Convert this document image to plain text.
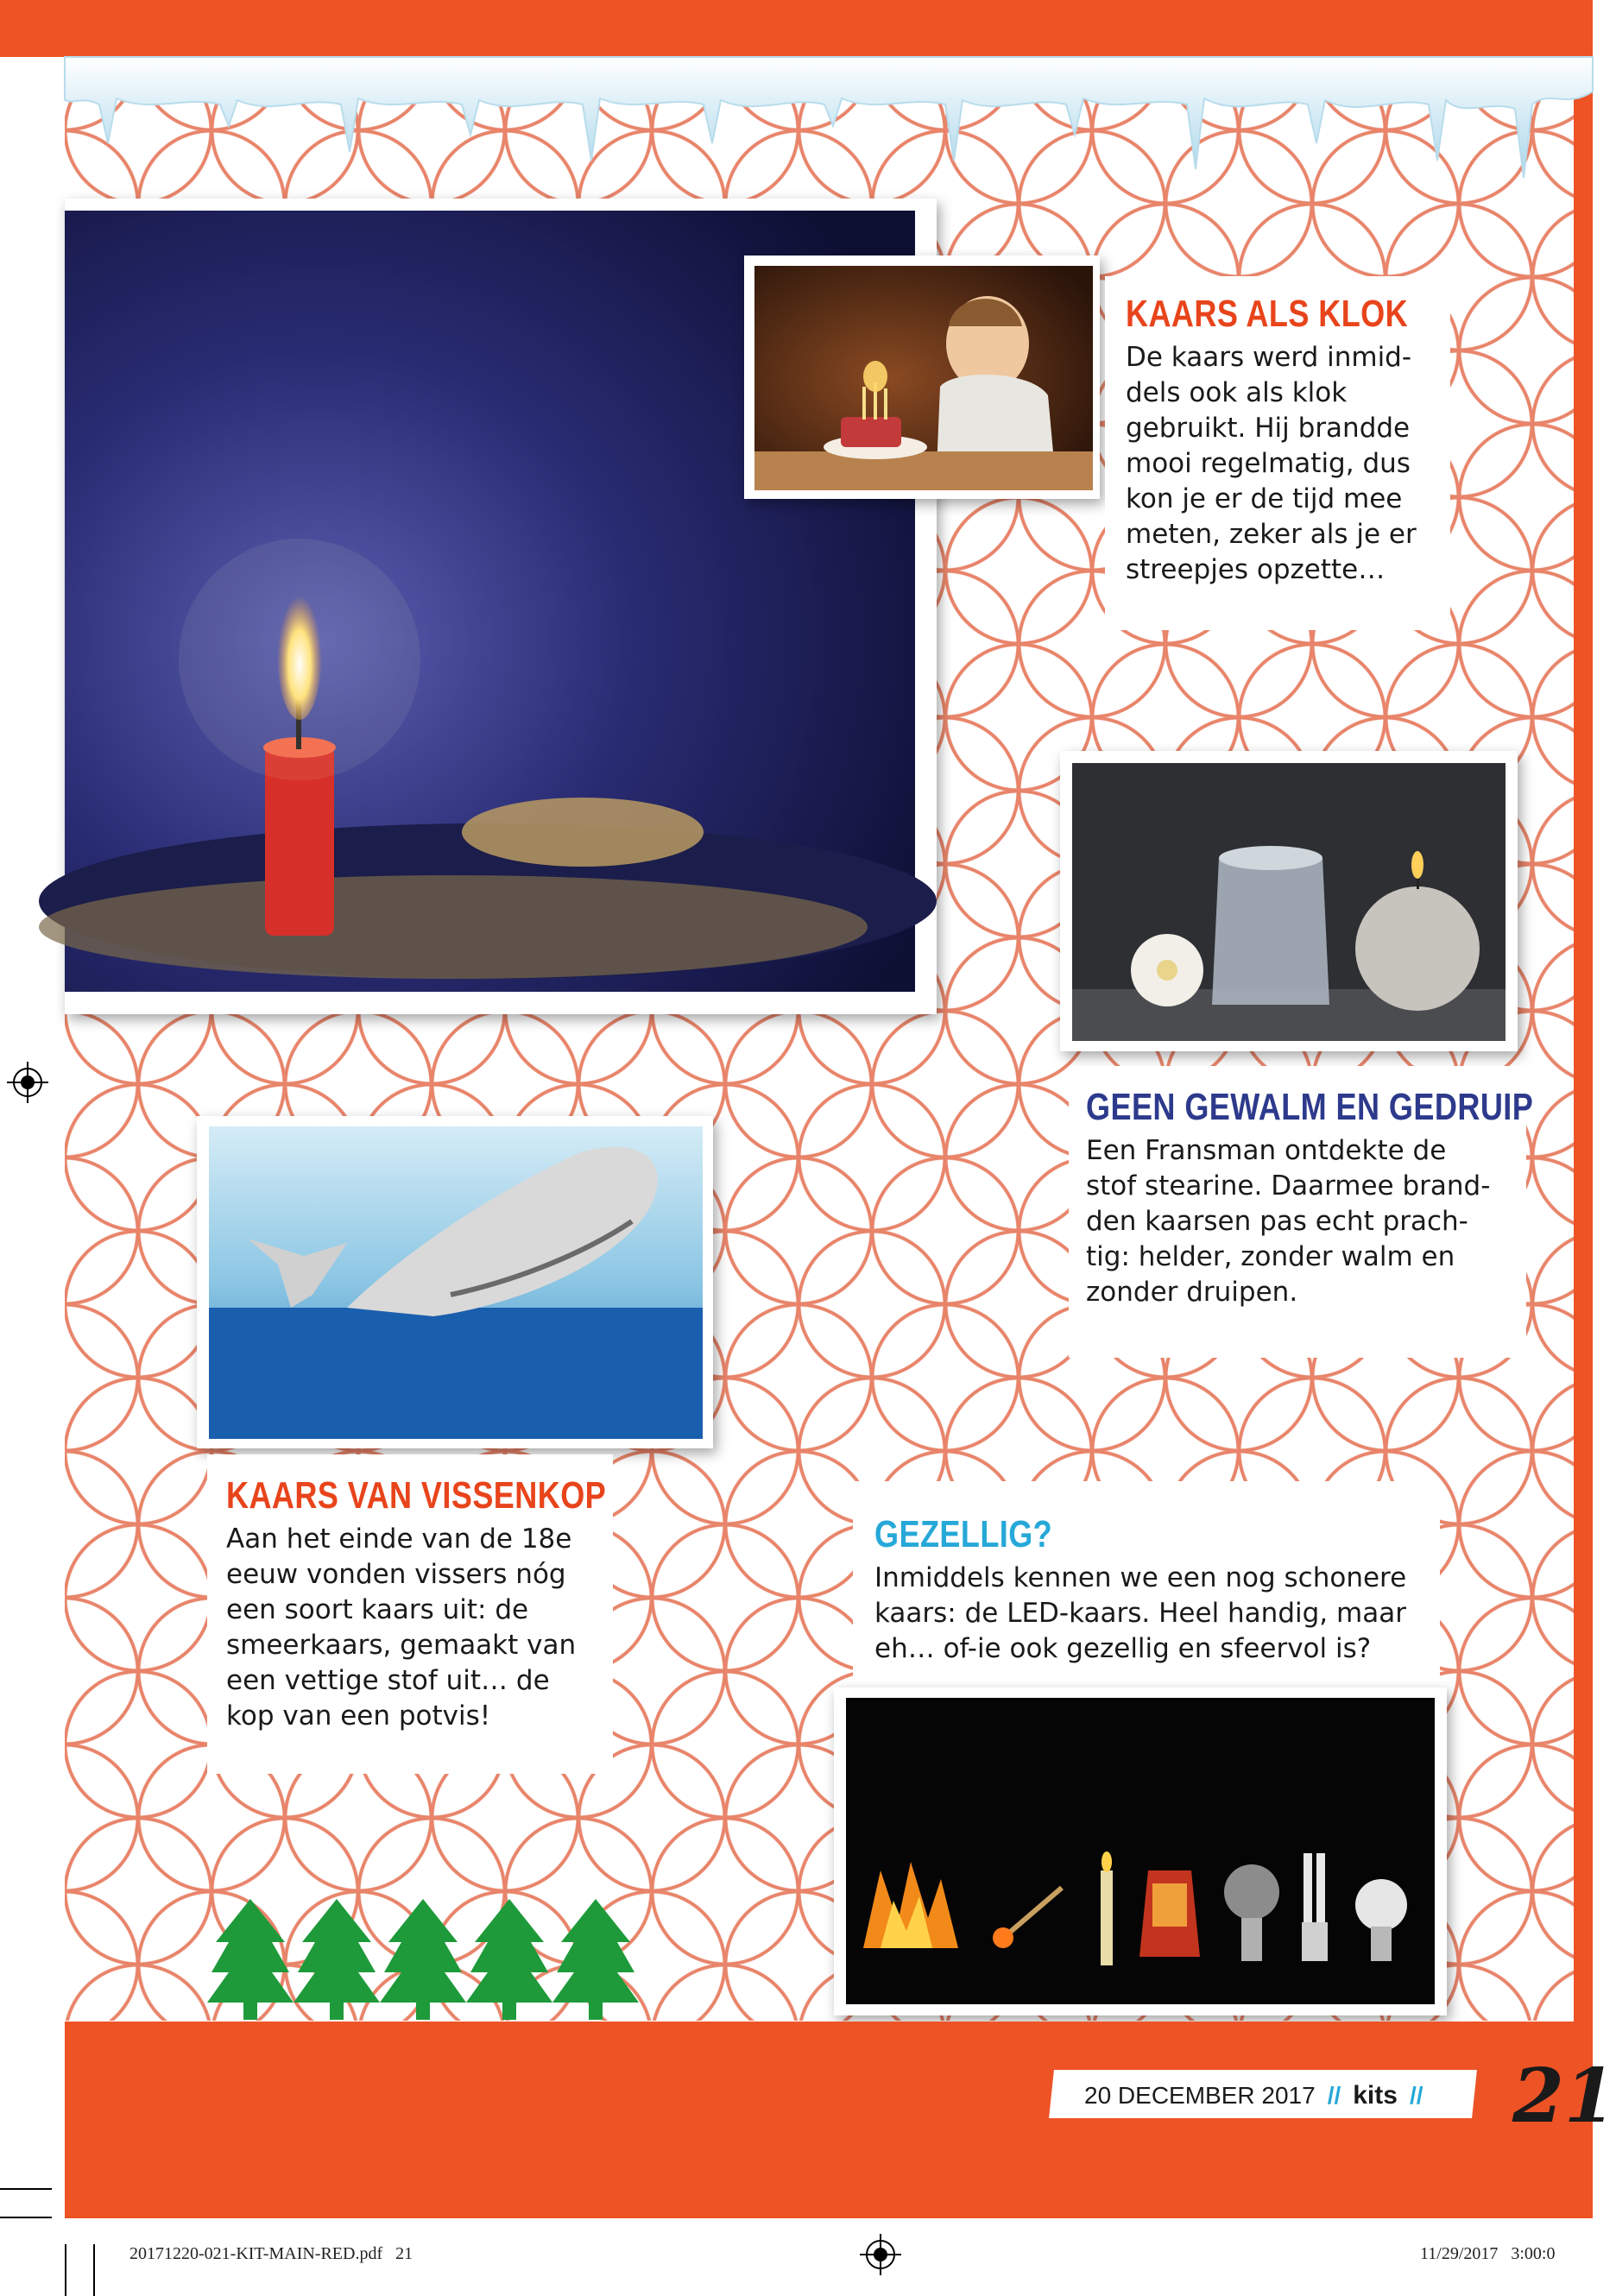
KAARS ALS KLOK
De kaars werd inmid-
dels ook als klok
gebruikt. Hij brandde
mooi regelmatig, dus
kon je er de tijd mee
meten, zeker als je er
streepjes opzette…
GEEN GEWALM EN GEDRUIP
Een Fransman ontdekte de
stof stearine. Daarmee brand-
den kaarsen pas echt prach-
tig: helder, zonder walm en
zonder druipen.
KAARS VAN VISSENKOP
Aan het einde van de 18e
eeuw vonden vissers nóg
een soort kaars uit: de
smeerkaars, gemaakt van
een vettige stof uit… de
kop van een potvis!
GEZELLIG?
Inmiddels kennen we een nog schonere
kaars: de LED-kaars. Heel handig, maar
eh… of-ie ook gezellig en sfeervol is?
20 DECEMBER 2017 // kits // 21
20171220-021-KIT-MAIN-RED.pdf   21	11/29/2017   3:00:0
